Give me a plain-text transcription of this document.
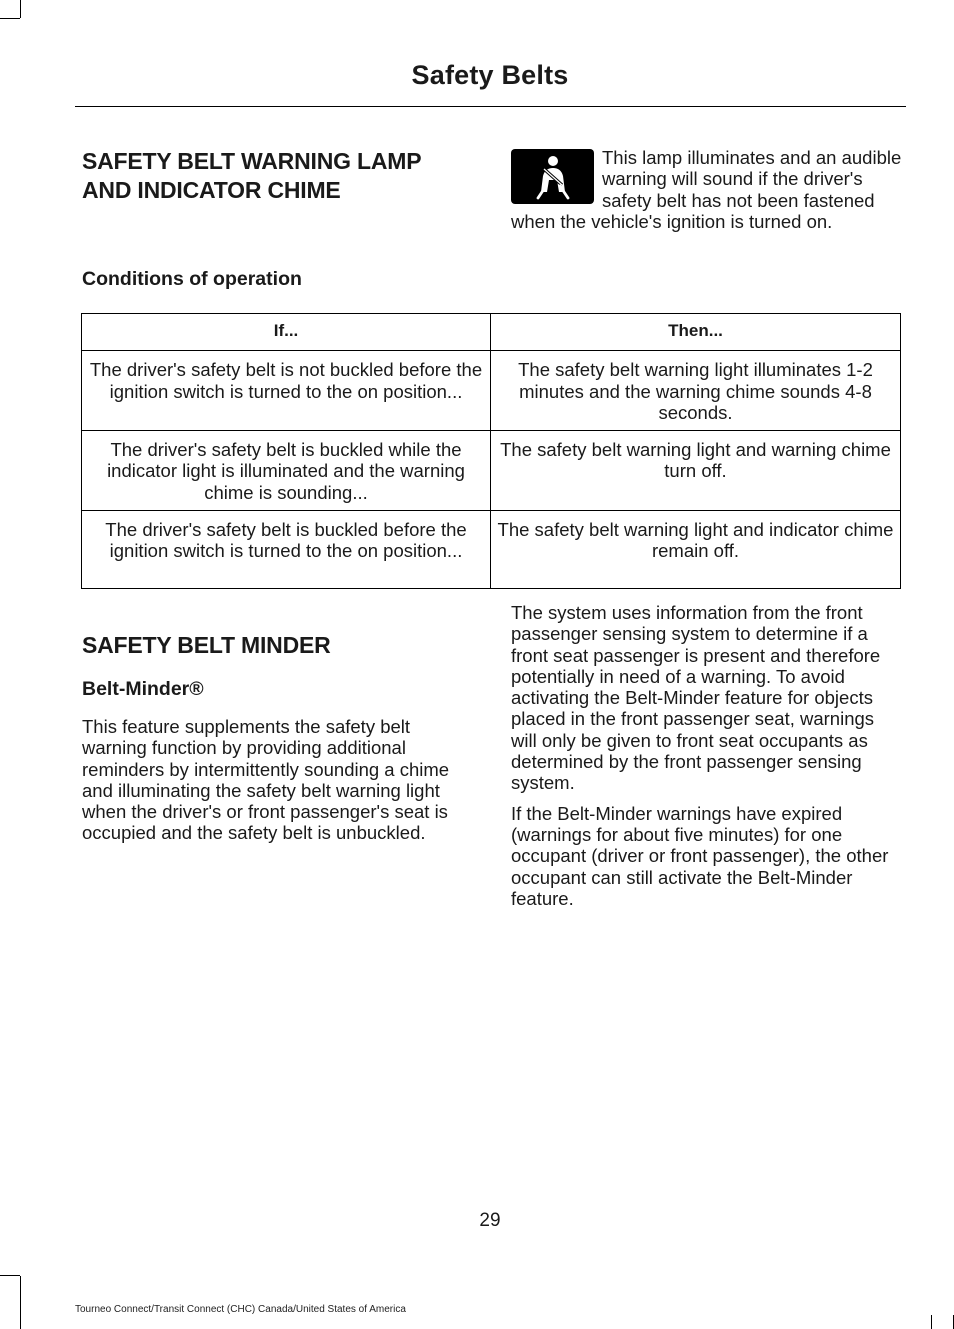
Safety Belts
SAFETY BELT WARNING LAMP
AND INDICATOR CHIME
This lamp illuminates and an audible warning will sound if the driver's safety belt has not been fastened when the vehicle's ignition is turned on.
Conditions of operation
If...	Then...
The driver's safety belt is not buckled before the ignition switch is turned to the on position...	The safety belt warning light illuminates 1-2 minutes and the warning chime sounds 4-8 seconds.
The driver's safety belt is buckled while the indicator light is illuminated and the warning chime is sounding...	The safety belt warning light and warning chime turn off.
The driver's safety belt is buckled before the ignition switch is turned to the on position...	The safety belt warning light and indicator chime remain off.
SAFETY BELT MINDER
Belt-Minder®

This feature supplements the safety belt warning function by providing additional reminders by intermittently sounding a chime and illuminating the safety belt warning light when the driver's or front passenger's seat is occupied and the safety belt is unbuckled.

The system uses information from the front passenger sensing system to determine if a front seat passenger is present and therefore potentially in need of a warning. To avoid activating the Belt-Minder feature for objects placed in the front passenger seat, warnings will only be given to front seat occupants as determined by the front passenger sensing system.

If the Belt-Minder warnings have expired (warnings for about five minutes) for one occupant (driver or front passenger), the other occupant can still activate the Belt-Minder feature.

29
Tourneo Connect/Transit Connect (CHC) Canada/United States of America
